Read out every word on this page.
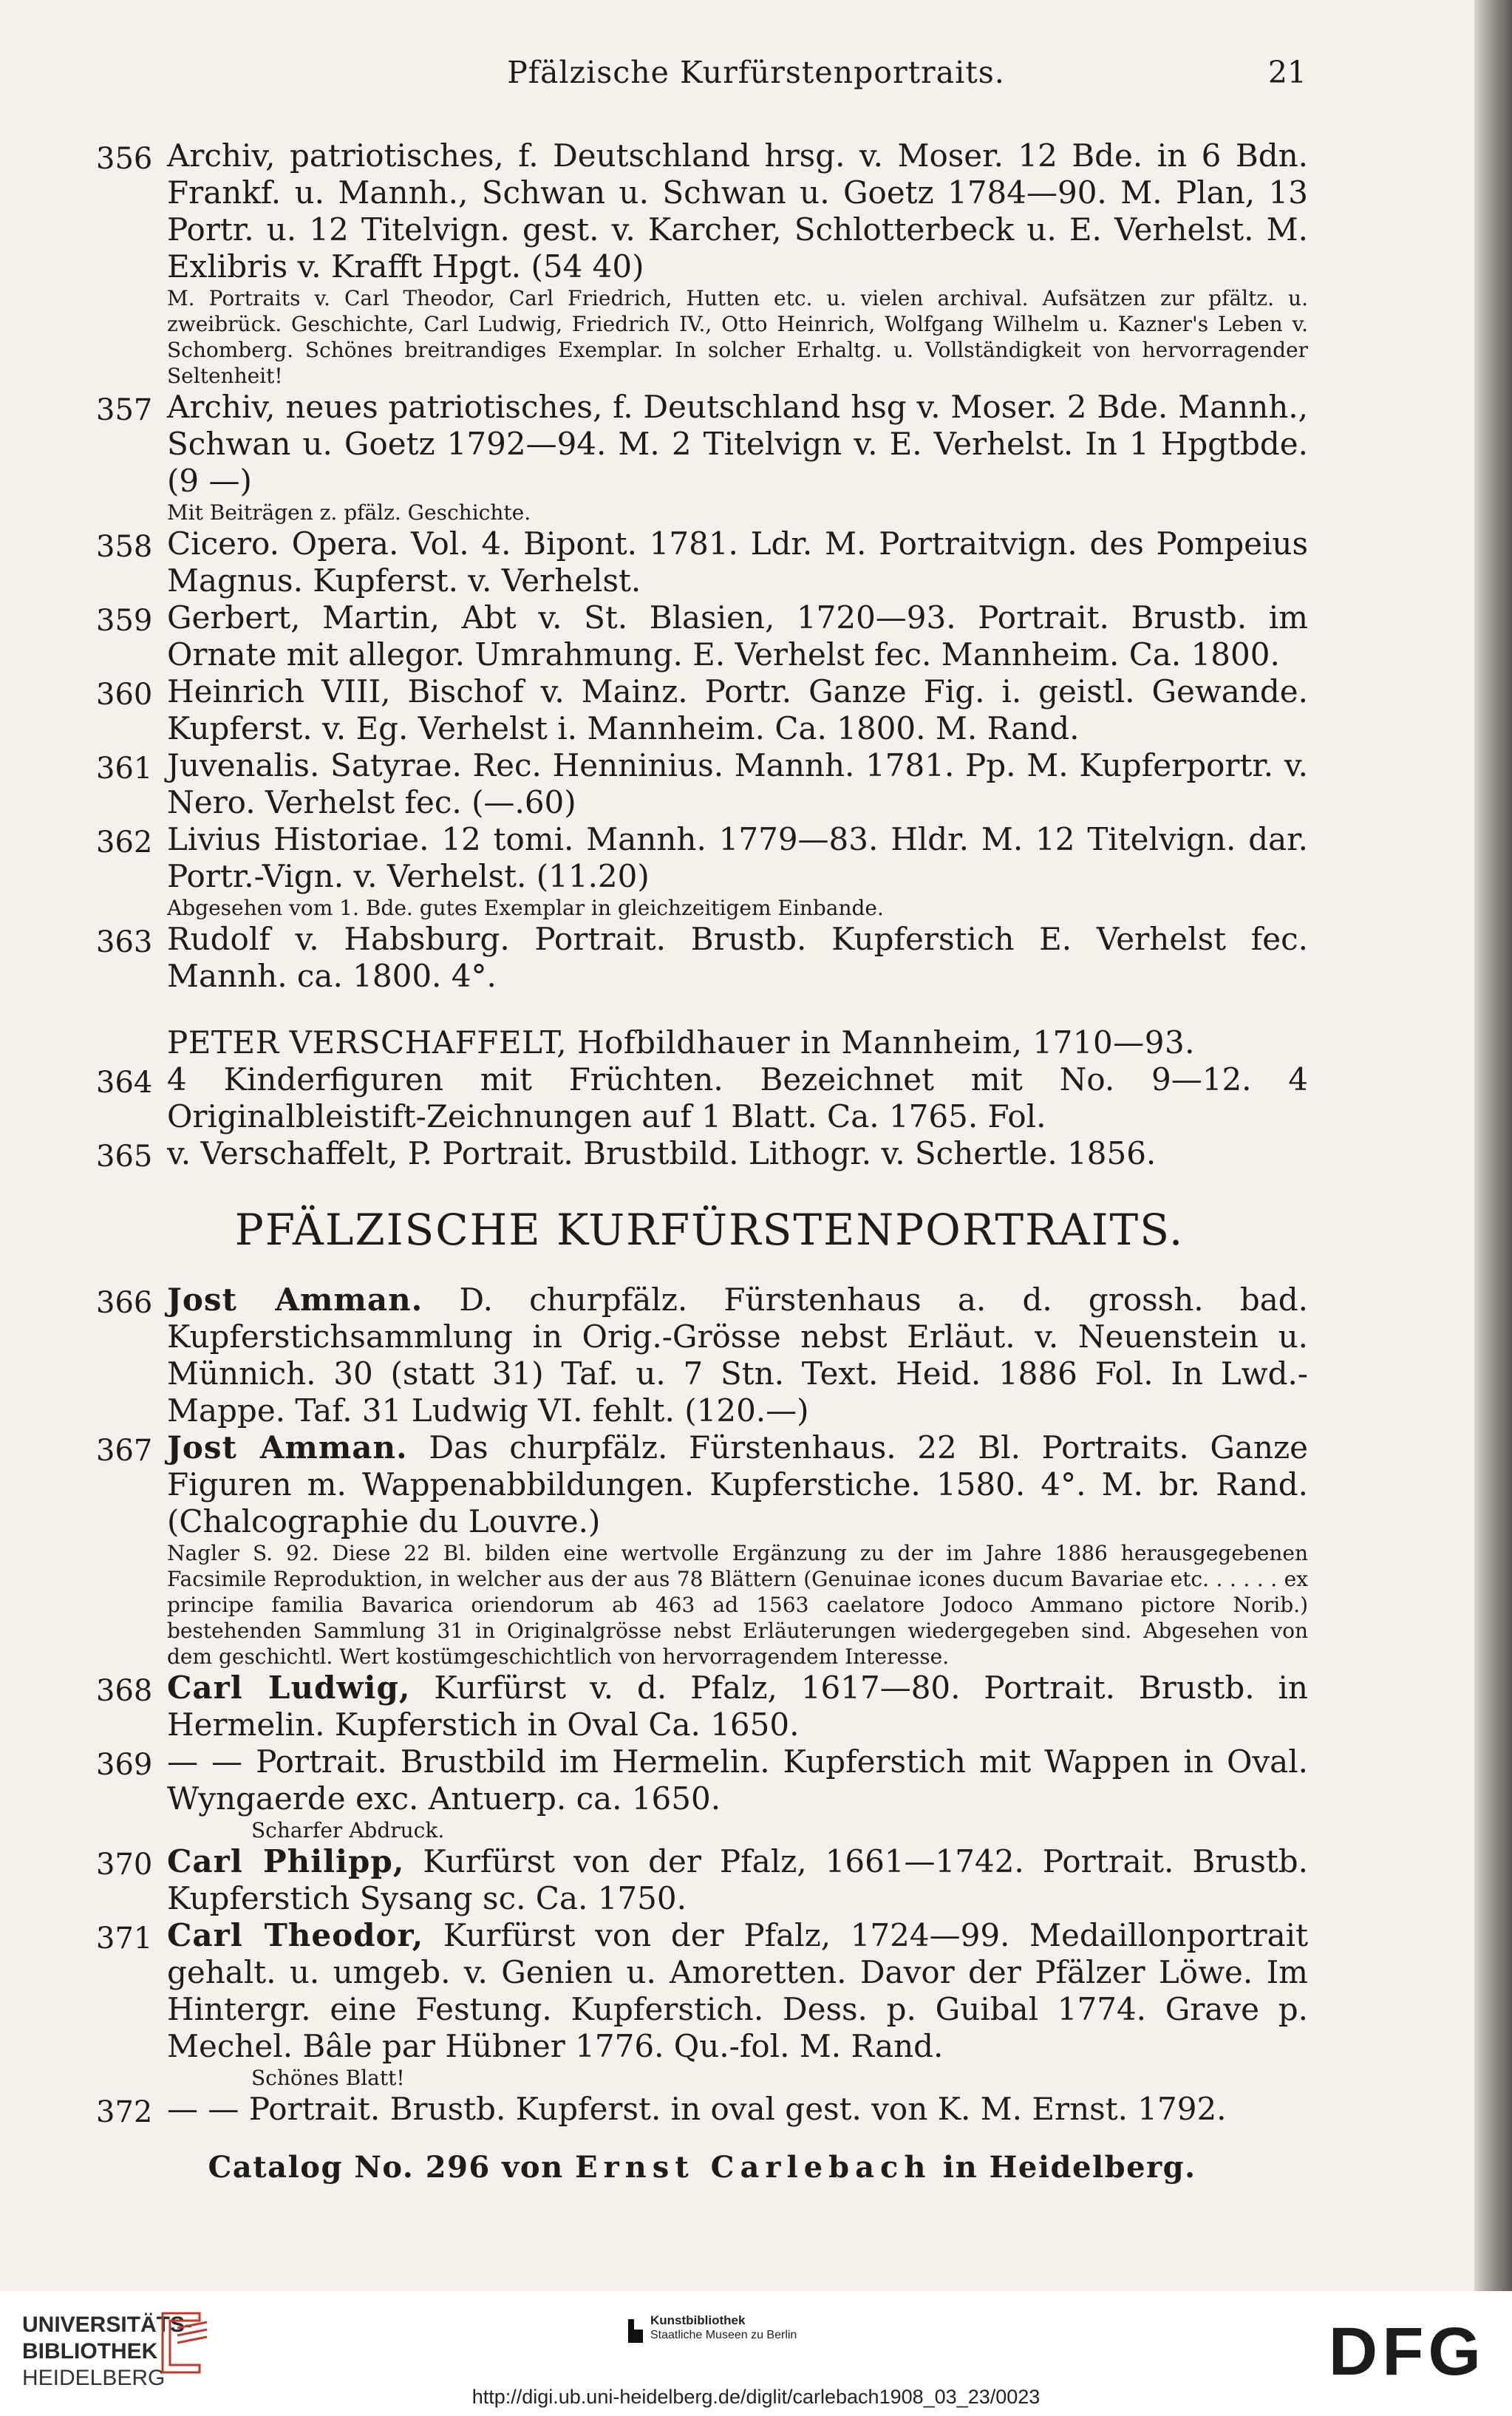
Pfälzische Kurfürstenportraits.	21
356 Archiv, patriotisches, f. Deutschland hrsg. v. Moser. 12 Bde. in 6 Bdn. Frankf. u. Mannh., Schwan u. Schwan u. Goetz 1784—90. M. Plan, 13 Portr. u. 12 Titelvign. gest. v. Karcher, Schlotterbeck u. E. Verhelst. M. Exlibris v. Krafft Hpgt. (54 40)
M. Portraits v. Carl Theodor, Carl Friedrich, Hutten etc. u. vielen archival. Aufsätzen zur pfältz. u. zweibrück. Geschichte, Carl Ludwig, Friedrich IV., Otto Heinrich, Wolfgang Wilhelm u. Kazner's Leben v. Schomberg. Schönes breitrandiges Exemplar. In solcher Erhaltg. u. Vollständigkeit von hervorragender Seltenheit!
357 Archiv, neues patriotisches, f. Deutschland hsg v. Moser. 2 Bde. Mannh., Schwan u. Goetz 1792—94. M. 2 Titelvign v. E. Verhelst. In 1 Hpgtbde. (9 —)
Mit Beiträgen z. pfälz. Geschichte.
358 Cicero. Opera. Vol. 4. Bipont. 1781. Ldr. M. Portraitvign. des Pompeius Magnus. Kupferst. v. Verhelst.
359 Gerbert, Martin, Abt v. St. Blasien, 1720—93. Portrait. Brustb. im Ornate mit allegor. Umrahmung. E. Verhelst fec. Mannheim. Ca. 1800.
360 Heinrich VIII, Bischof v. Mainz. Portr. Ganze Fig. i. geistl. Gewande. Kupferst. v. Eg. Verhelst i. Mannheim. Ca. 1800. M. Rand.
361 Juvenalis. Satyrae. Rec. Henninius. Mannh. 1781. Pp. M. Kupferportr. v. Nero. Verhelst fec. (—.60)
362 Livius Historiae. 12 tomi. Mannh. 1779—83. Hldr. M. 12 Titelvign. dar. Portr.-Vign. v. Verhelst. (11.20)
Abgesehen vom 1. Bde. gutes Exemplar in gleichzeitigem Einbande.
363 Rudolf v. Habsburg. Portrait. Brustb. Kupferstich E. Verhelst fec. Mannh. ca. 1800. 4°.
PETER VERSCHAFFELT, Hofbildhauer in Mannheim, 1710—93.
364 4 Kinderfiguren mit Früchten. Bezeichnet mit No. 9—12. 4 Originalbleistift-Zeichnungen auf 1 Blatt. Ca. 1765. Fol.
365 v. Verschaffelt, P. Portrait. Brustbild. Lithogr. v. Schertle. 1856.
PFÄLZISCHE KURFÜRSTENPORTRAITS.
366 Jost Amman. D. churpfälz. Fürstenhaus a. d. grossh. bad. Kupferstichsammlung in Orig.-Grösse nebst Erläut. v. Neuenstein u. Münnich. 30 (statt 31) Taf. u. 7 Stn. Text. Heid. 1886 Fol. In Lwd.-Mappe. Taf. 31 Ludwig VI. fehlt. (120.—)
367 Jost Amman. Das churpfälz. Fürstenhaus. 22 Bl. Portraits. Ganze Figuren m. Wappenabbildungen. Kupferstiche. 1580. 4°. M. br. Rand. (Chalcographie du Louvre.)
Nagler S. 92. Diese 22 Bl. bilden eine wertvolle Ergänzung zu der im Jahre 1886 herausgegebenen Facsimile Reproduktion, in welcher aus der aus 78 Blättern (Genuinae icones ducum Bavariae etc. . . . . . ex principe familia Bavarica oriendorum ab 463 ad 1563 caelatore Jodoco Ammano pictore Norib.) bestehenden Sammlung 31 in Originalgrösse nebst Erläuterungen wiedergegeben sind. Abgesehen von dem geschichtl. Wert kostümgeschichtlich von hervorragendem Interesse.
368 Carl Ludwig, Kurfürst v. d. Pfalz, 1617—80. Portrait. Brustb. in Hermelin. Kupferstich in Oval Ca. 1650.
369 — — Portrait. Brustbild im Hermelin. Kupferstich mit Wappen in Oval. Wyngaerde exc. Antuerp. ca. 1650.
Scharfer Abdruck.
370 Carl Philipp, Kurfürst von der Pfalz, 1661—1742. Portrait. Brustb. Kupferstich Sysang sc. Ca. 1750.
371 Carl Theodor, Kurfürst von der Pfalz, 1724—99. Medaillonportrait gehalt. u. umgeb. v. Genien u. Amoretten. Davor der Pfälzer Löwe. Im Hintergr. eine Festung. Kupferstich. Dess. p. Guibal 1774. Grave p. Mechel. Bâle par Hübner 1776. Qu.-fol. M. Rand.
Schönes Blatt!
372 — — Portrait. Brustb. Kupferst. in oval gest. von K. M. Ernst. 1792.
Catalog No. 296 von Ernst Carlebach in Heidelberg.
UNIVERSITÄTS-
BIBLIOTHEK
HEIDELBERG
Kunstbibliothek
Staatliche Museen zu Berlin	DFG
http://digi.ub.uni-heidelberg.de/diglit/carlebach1908_03_23/0023
